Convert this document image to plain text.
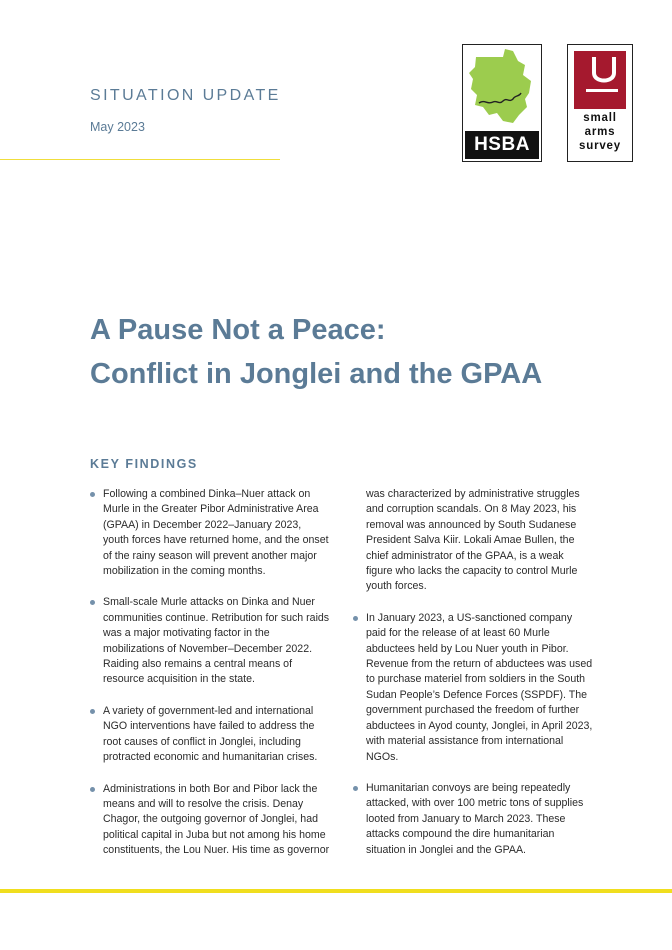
SITUATION UPDATE
May 2023
HSBA
small
arms
survey
A Pause Not a Peace:
Conflict in Jonglei and the GPAA
KEY FINDINGS
Following a combined Dinka–Nuer attack on Murle in the Greater Pibor Administrative Area (GPAA) in December 2022–January 2023, youth forces have returned home, and the onset of the rainy season will prevent another major mobilization in the coming months.
Small-scale Murle attacks on Dinka and Nuer communities continue. Retribution for such raids was a major motivating factor in the mobilizations of November–December 2022. Raiding also remains a central means of resource acquisition in the state.
A variety of government-led and international NGO interventions have failed to address the root causes of conflict in Jonglei, including protracted economic and humanitarian crises.
Administrations in both Bor and Pibor lack the means and will to resolve the crisis. Denay Chagor, the outgoing governor of Jonglei, had political capital in Juba but not among his home constituents, the Lou Nuer. His time as governor
was characterized by administrative struggles and corruption scandals. On 8 May 2023, his removal was announced by South Sudanese President Salva Kiir. Lokali Amae Bullen, the chief administrator of the GPAA, is a weak figure who lacks the capacity to control Murle youth forces.
In January 2023, a US-sanctioned company paid for the release of at least 60 Murle abductees held by Lou Nuer youth in Pibor. Revenue from the return of abductees was used to purchase materiel from soldiers in the South Sudan People’s Defence Forces (SSPDF). The government purchased the freedom of further abductees in Ayod county, Jonglei, in April 2023, with material assistance from international NGOs.
Humanitarian convoys are being repeatedly attacked, with over 100 metric tons of supplies looted from January to March 2023. These attacks compound the dire humanitarian situation in Jonglei and the GPAA.
